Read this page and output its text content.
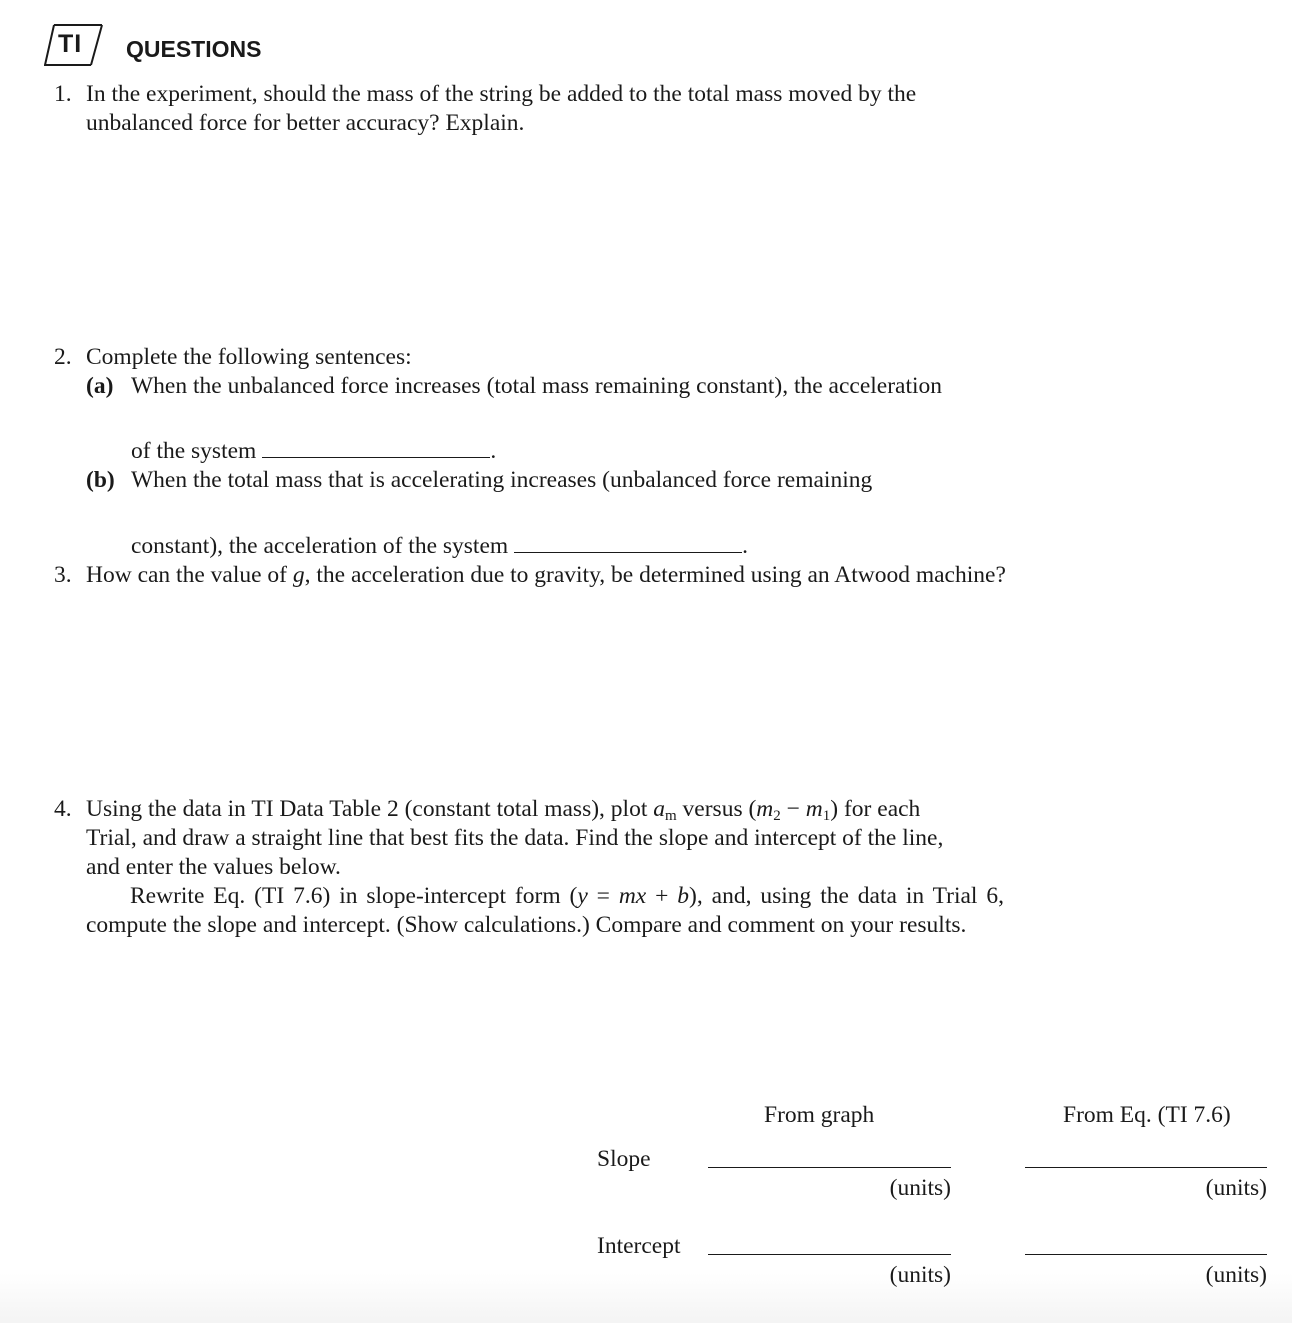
TI QUESTIONS
1. In the experiment, should the mass of the string be added to the total mass moved by the
unbalanced force for better accuracy? Explain.
2. Complete the following sentences:
(a) When the unbalanced force increases (total mass remaining constant), the acceleration
of the system	.
(b) When the total mass that is accelerating increases (unbalanced force remaining
constant), the acceleration of the system	.
3. How can the value of g, the acceleration due to gravity, be determined using an Atwood machine?
4. Using the data in TI Data Table 2 (constant total mass), plot $a_m$ versus $(m_2 - m_1)$ for each
Trial, and draw a straight line that best fits the data. Find the slope and intercept of the line,
and enter the values below.
Rewrite Eq. (TI 7.6) in slope-intercept form (y = mx + b), and, using the data in Trial 6, compute the slope and intercept. (Show calculations.) Compare and comment on your results.
From graph	From Eq. (TI 7.6)
Slope
(units)	(units)
Intercept
(units)	(units)
